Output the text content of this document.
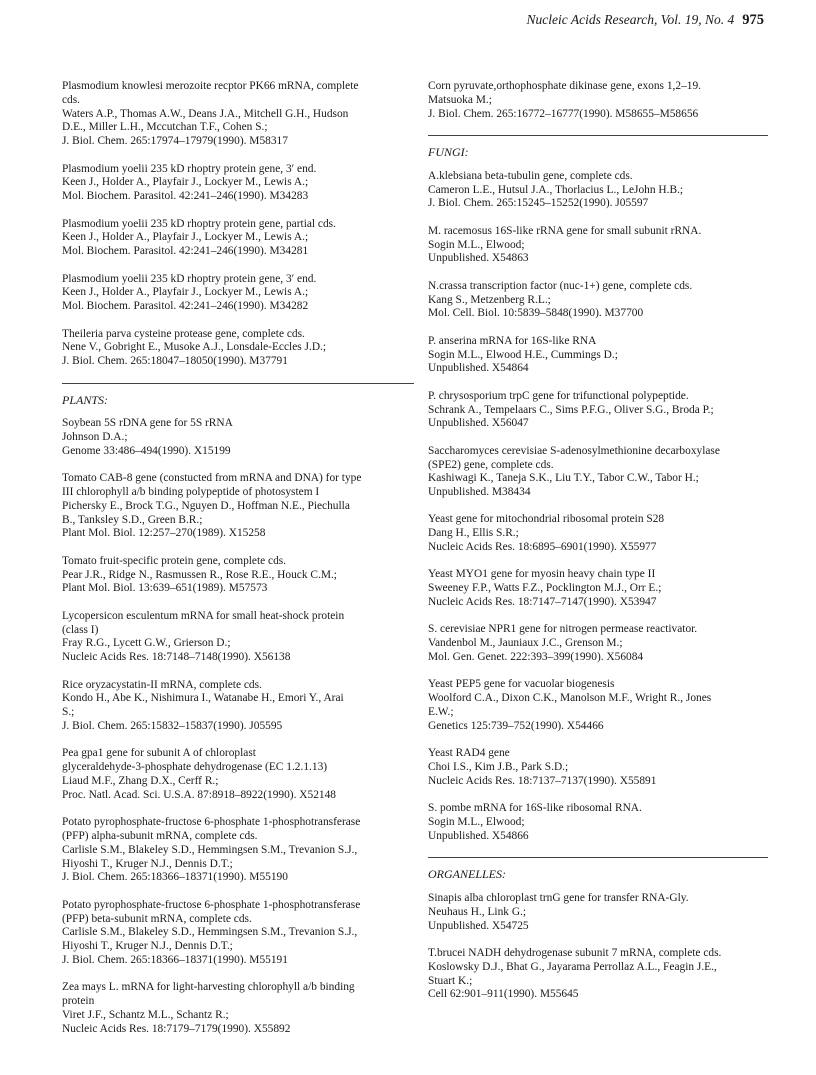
Nucleic Acids Research, Vol. 19, No. 4 975
Plasmodium knowlesi merozoite recptor PK66 mRNA, complete
cds.
Waters A.P., Thomas A.W., Deans J.A., Mitchell G.H., Hudson
D.E., Miller L.H., Mccutchan T.F., Cohen S.;
J. Biol. Chem. 265:17974–17979(1990). M58317
Plasmodium yoelii 235 kD rhoptry protein gene, 3′ end.
Keen J., Holder A., Playfair J., Lockyer M., Lewis A.;
Mol. Biochem. Parasitol. 42:241–246(1990). M34283
Plasmodium yoelii 235 kD rhoptry protein gene, partial cds.
Keen J., Holder A., Playfair J., Lockyer M., Lewis A.;
Mol. Biochem. Parasitol. 42:241–246(1990). M34281
Plasmodium yoelii 235 kD rhoptry protein gene, 3′ end.
Keen J., Holder A., Playfair J., Lockyer M., Lewis A.;
Mol. Biochem. Parasitol. 42:241–246(1990). M34282
Theileria parva cysteine protease gene, complete cds.
Nene V., Gobright E., Musoke A.J., Lonsdale-Eccles J.D.;
J. Biol. Chem. 265:18047–18050(1990). M37791
PLANTS:
Soybean 5S rDNA gene for 5S rRNA
Johnson D.A.;
Genome 33:486–494(1990). X15199
Tomato CAB-8 gene (constucted from mRNA and DNA) for type
III chlorophyll a/b binding polypeptide of photosystem I
Pichersky E., Brock T.G., Nguyen D., Hoffman N.E., Piechulla
B., Tanksley S.D., Green B.R.;
Plant Mol. Biol. 12:257–270(1989). X15258
Tomato fruit-specific protein gene, complete cds.
Pear J.R., Ridge N., Rasmussen R., Rose R.E., Houck C.M.;
Plant Mol. Biol. 13:639–651(1989). M57573
Lycopersicon esculentum mRNA for small heat-shock protein
(class I)
Fray R.G., Lycett G.W., Grierson D.;
Nucleic Acids Res. 18:7148–7148(1990). X56138
Rice oryzacystatin-II mRNA, complete cds.
Kondo H., Abe K., Nishimura I., Watanabe H., Emori Y., Arai
S.;
J. Biol. Chem. 265:15832–15837(1990). J05595
Pea gpa1 gene for subunit A of chloroplast
glyceraldehyde-3-phosphate dehydrogenase (EC 1.2.1.13)
Liaud M.F., Zhang D.X., Cerff R.;
Proc. Natl. Acad. Sci. U.S.A. 87:8918–8922(1990). X52148
Potato pyrophosphate-fructose 6-phosphate 1-phosphotransferase
(PFP) alpha-subunit mRNA, complete cds.
Carlisle S.M., Blakeley S.D., Hemmingsen S.M., Trevanion S.J.,
Hiyoshi T., Kruger N.J., Dennis D.T.;
J. Biol. Chem. 265:18366–18371(1990). M55190
Potato pyrophosphate-fructose 6-phosphate 1-phosphotransferase
(PFP) beta-subunit mRNA, complete cds.
Carlisle S.M., Blakeley S.D., Hemmingsen S.M., Trevanion S.J.,
Hiyoshi T., Kruger N.J., Dennis D.T.;
J. Biol. Chem. 265:18366–18371(1990). M55191
Zea mays L. mRNA for light-harvesting chlorophyll a/b binding
protein
Viret J.F., Schantz M.L., Schantz R.;
Nucleic Acids Res. 18:7179–7179(1990). X55892
Corn pyruvate,orthophosphate dikinase gene, exons 1,2–19.
Matsuoka M.;
J. Biol. Chem. 265:16772–16777(1990). M58655–M58656
FUNGI:
A.klebsiana beta-tubulin gene, complete cds.
Cameron L.E., Hutsul J.A., Thorlacius L., LeJohn H.B.;
J. Biol. Chem. 265:15245–15252(1990). J05597
M. racemosus 16S-like rRNA gene for small subunit rRNA.
Sogin M.L., Elwood;
Unpublished. X54863
N.crassa transcription factor (nuc-1+) gene, complete cds.
Kang S., Metzenberg R.L.;
Mol. Cell. Biol. 10:5839–5848(1990). M37700
P. anserina mRNA for 16S-like RNA
Sogin M.L., Elwood H.E., Cummings D.;
Unpublished. X54864
P. chrysosporium trpC gene for trifunctional polypeptide.
Schrank A., Tempelaars C., Sims P.F.G., Oliver S.G., Broda P.;
Unpublished. X56047
Saccharomyces cerevisiae S-adenosylmethionine decarboxylase
(SPE2) gene, complete cds.
Kashiwagi K., Taneja S.K., Liu T.Y., Tabor C.W., Tabor H.;
Unpublished. M38434
Yeast gene for mitochondrial ribosomal protein S28
Dang H., Ellis S.R.;
Nucleic Acids Res. 18:6895–6901(1990). X55977
Yeast MYO1 gene for myosin heavy chain type II
Sweeney F.P., Watts F.Z., Pocklington M.J., Orr E.;
Nucleic Acids Res. 18:7147–7147(1990). X53947
S. cerevisiae NPR1 gene for nitrogen permease reactivator.
Vandenbol M., Jauniaux J.C., Grenson M.;
Mol. Gen. Genet. 222:393–399(1990). X56084
Yeast PEP5 gene for vacuolar biogenesis
Woolford C.A., Dixon C.K., Manolson M.F., Wright R., Jones
E.W.;
Genetics 125:739–752(1990). X54466
Yeast RAD4 gene
Choi I.S., Kim J.B., Park S.D.;
Nucleic Acids Res. 18:7137–7137(1990). X55891
S. pombe mRNA for 16S-like ribosomal RNA.
Sogin M.L., Elwood;
Unpublished. X54866
ORGANELLES:
Sinapis alba chloroplast trnG gene for transfer RNA-Gly.
Neuhaus H., Link G.;
Unpublished. X54725
T.brucei NADH dehydrogenase subunit 7 mRNA, complete cds.
Koslowsky D.J., Bhat G., Jayarama Perrollaz A.L., Feagin J.E.,
Stuart K.;
Cell 62:901–911(1990). M55645
